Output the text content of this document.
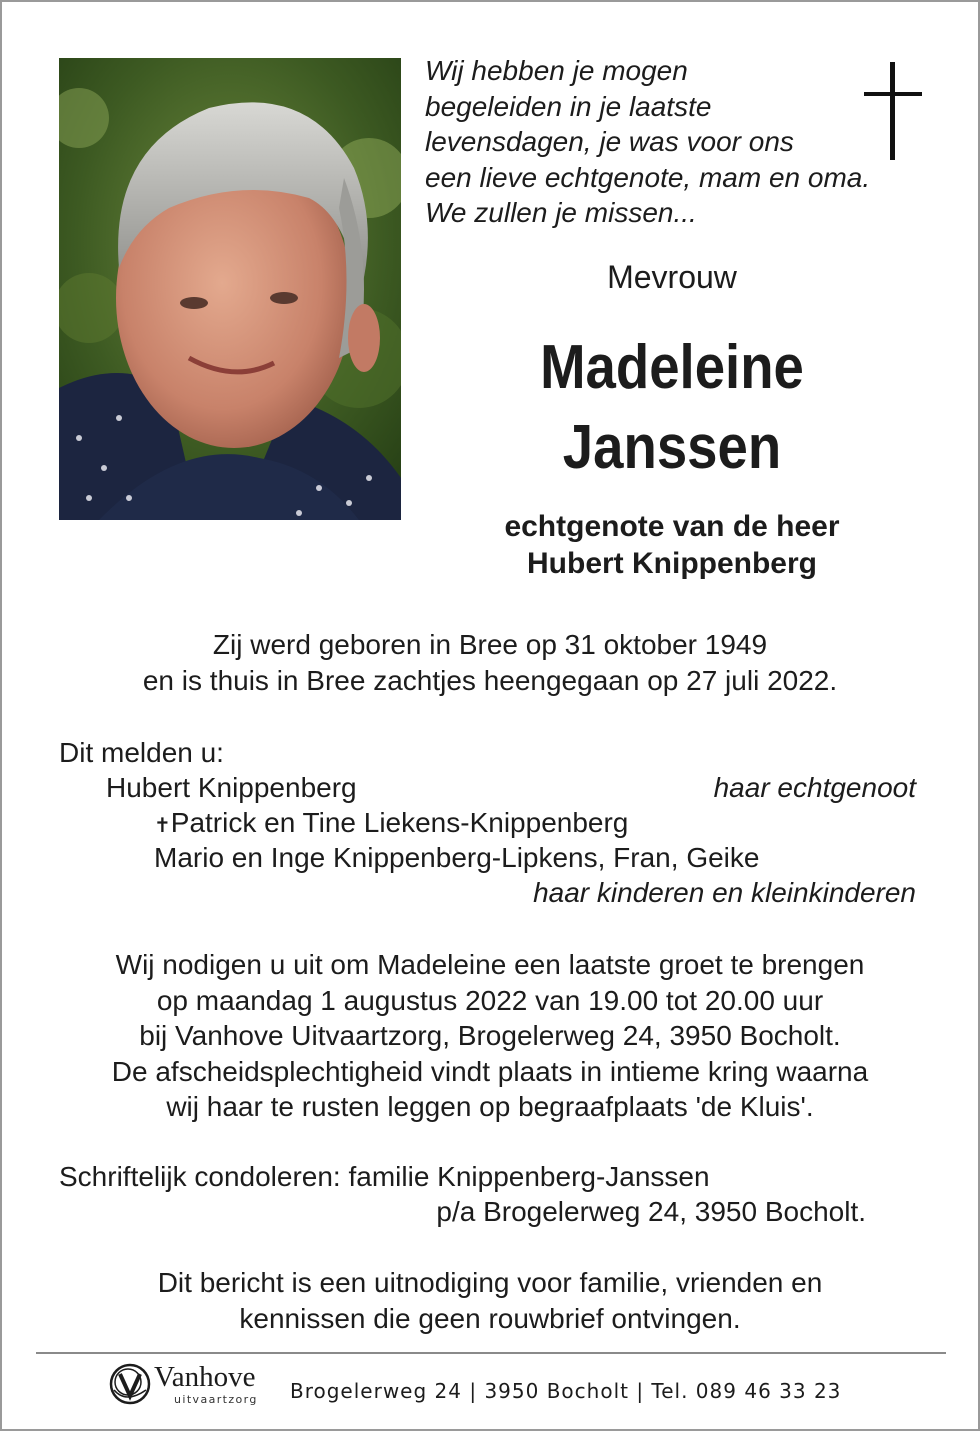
Wij hebben je mogen
begeleiden in je laatste
levensdagen, je was voor ons
een lieve echtgenote, mam en oma.
We zullen je missen...
Mevrouw
Madeleine
Janssen
echtgenote van de heer
Hubert Knippenberg
Zij werd geboren in Bree op 31 oktober 1949
en is thuis in Bree zachtjes heengegaan op 27 juli 2022.
Dit melden u:
Hubert Knippenberg	haar echtgenoot
✝Patrick en Tine Liekens-Knippenberg
Mario en Inge Knippenberg-Lipkens, Fran, Geike
haar kinderen en kleinkinderen
Wij nodigen u uit om Madeleine een laatste groet te brengen
op maandag 1 augustus 2022 van 19.00 tot 20.00 uur
bij Vanhove Uitvaartzorg, Brogelerweg 24, 3950 Bocholt.
De afscheidsplechtigheid vindt plaats in intieme kring waarna
wij haar te rusten leggen op begraafplaats 'de Kluis'.
Schriftelijk condoleren: familie Knippenberg-Janssen
p/a Brogelerweg 24, 3950 Bocholt.
Dit bericht is een uitnodiging voor familie, vrienden en
kennissen die geen rouwbrief ontvingen.
Vanhove
uitvaartzorg Brogelerweg 24 | 3950 Bocholt | Tel. 089 46 33 23
